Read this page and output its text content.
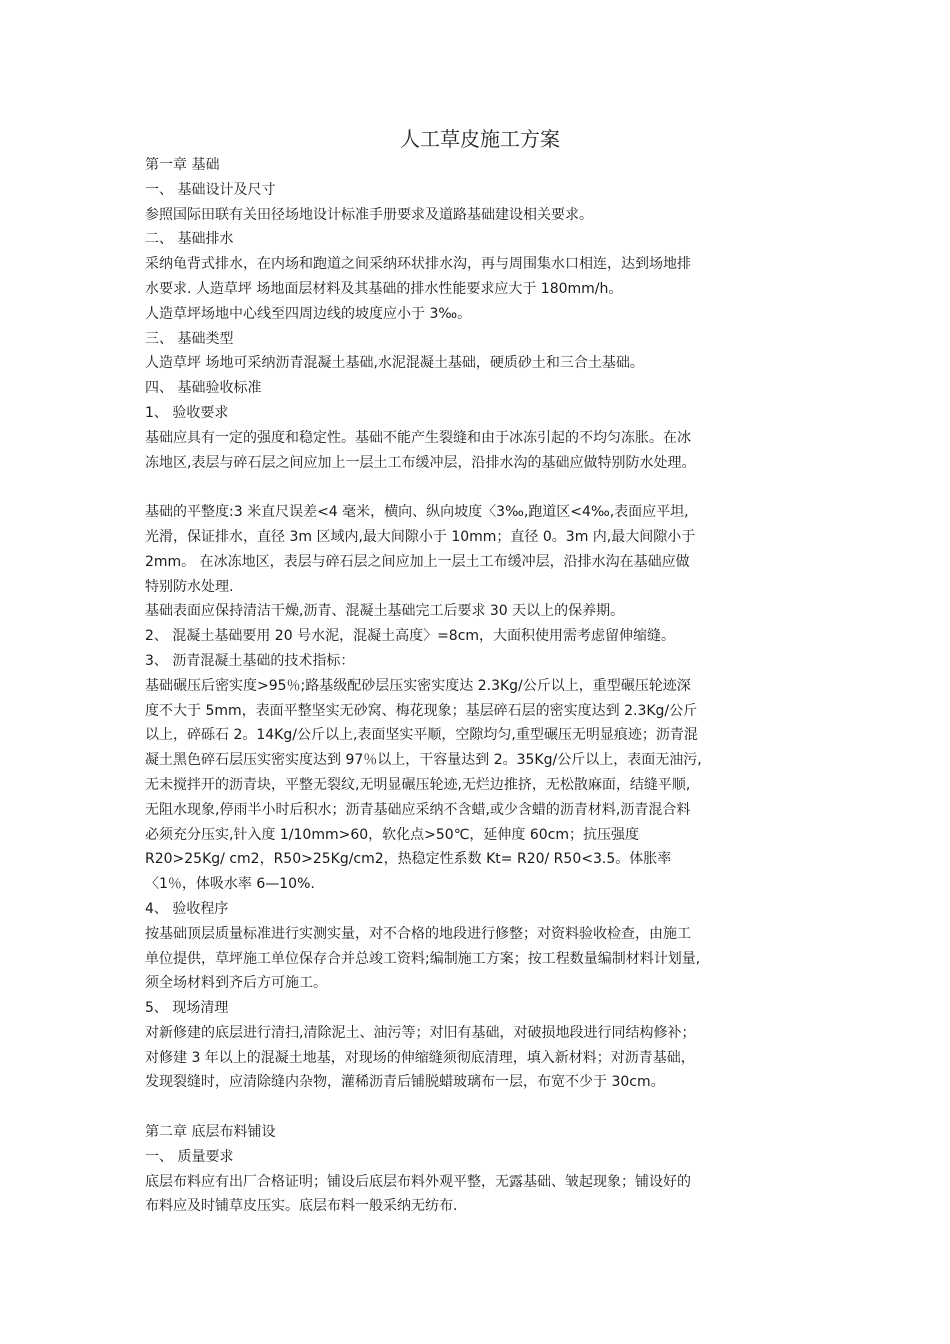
人工草皮施工方案
第一章 基础
一、 基础设计及尺寸
参照国际田联有关田径场地设计标准手册要求及道路基础建设相关要求。
二、 基础排水
采纳龟背式排水，在内场和跑道之间采纳环状排水沟，再与周围集水口相连，达到场地排
水要求. 人造草坪 场地面层材料及其基础的排水性能要求应大于 180mm/h。
人造草坪场地中心线至四周边线的坡度应小于 3‰。
三、 基础类型
人造草坪 场地可采纳沥青混凝土基础,水泥混凝土基础，硬质砂土和三合土基础。
四、 基础验收标准
1、 验收要求
基础应具有一定的强度和稳定性。基础不能产生裂缝和由于冰冻引起的不均匀冻胀。在冰
冻地区,表层与碎石层之间应加上一层土工布缓冲层，沿排水沟的基础应做特别防水处理。
基础的平整度:3 米直尺误差<4 毫米，横向、纵向坡度〈3‰,跑道区<4‰,表面应平坦,
光滑，保证排水，直径 3m 区域内,最大间隙小于 10mm；直径 0。3m 内,最大间隙小于
2mm。 在冰冻地区，表层与碎石层之间应加上一层土工布缓冲层，沿排水沟在基础应做
特别防水处理.
基础表面应保持清洁干燥,沥青、混凝土基础完工后要求 30 天以上的保养期。
2、 混凝土基础要用 20 号水泥，混凝土高度〉=8cm，大面积使用需考虑留伸缩缝。
3、 沥青混凝土基础的技术指标：
基础碾压后密实度>95％;路基级配砂层压实密实度达 2.3Kg/公斤以上，重型碾压轮迹深
度不大于 5mm，表面平整坚实无砂窝、梅花现象；基层碎石层的密实度达到 2.3Kg/公斤
以上，碎砾石 2。14Kg/公斤以上,表面坚实平顺，空隙均匀,重型碾压无明显痕迹；沥青混
凝土黑色碎石层压实密实度达到 97％以上，干容量达到 2。35Kg/公斤以上，表面无油污,
无未搅拌开的沥青块，平整无裂纹,无明显碾压轮迹,无烂边推挤，无松散麻面，结缝平顺,
无阻水现象,停雨半小时后积水；沥青基础应采纳不含蜡,或少含蜡的沥青材料,沥青混合料
必须充分压实,针入度 1/10mm>60，软化点>50℃，延伸度 60cm；抗压强度
R20>25Kg/ cm2，R50>25Kg/cm2，热稳定性系数 Kt= R20/ R50<3.5。体胀率
〈1％，体吸水率 6—10%.
4、 验收程序
按基础顶层质量标准进行实测实量，对不合格的地段进行修整；对资料验收检查，由施工
单位提供，草坪施工单位保存合并总竣工资料;编制施工方案；按工程数量编制材料计划量,
须全场材料到齐后方可施工。
5、 现场清理
对新修建的底层进行清扫,清除泥土、油污等；对旧有基础，对破损地段进行同结构修补；
对修建 3 年以上的混凝土地基，对现场的伸缩缝须彻底清理，填入新材料；对沥青基础，
发现裂缝时，应清除缝内杂物，灌稀沥青后铺脱蜡玻璃布一层，布宽不少于 30cm。
第二章 底层布料铺设
一、 质量要求
底层布料应有出厂合格证明；铺设后底层布料外观平整，无露基础、皱起现象；铺设好的
布料应及时铺草皮压实。底层布料一般采纳无纺布.
